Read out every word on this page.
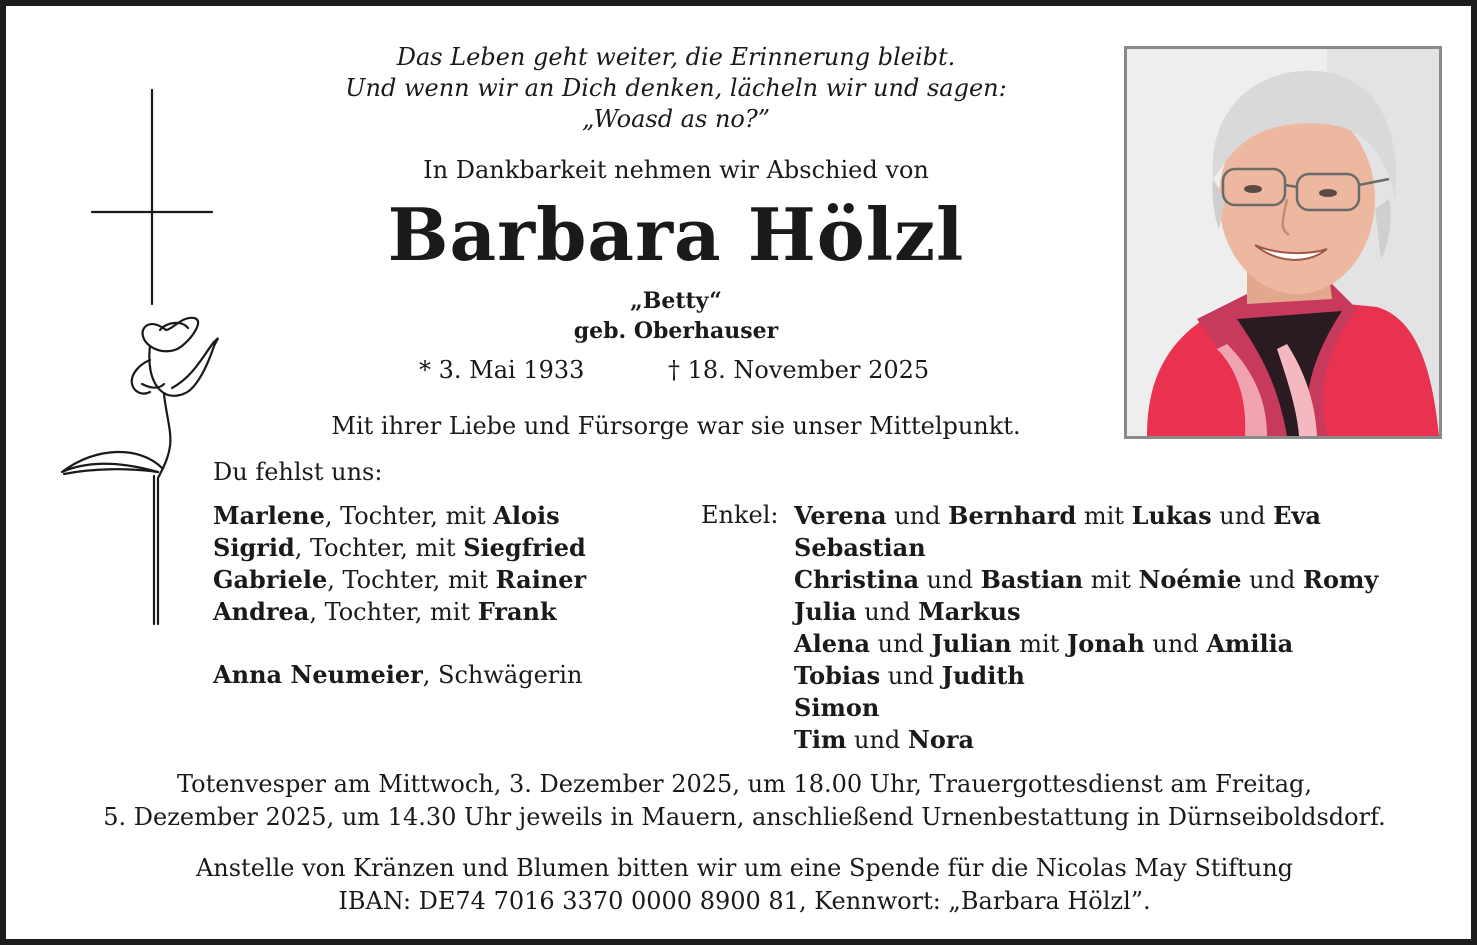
Das Leben geht weiter, die Erinnerung bleibt.
Und wenn wir an Dich denken, lächeln wir und sagen:
„Woasd as no?”
In Dankbarkeit nehmen wir Abschied von
Barbara Hölzl
„Betty“
geb. Oberhauser
* 3. Mai 1933	† 18. November 2025
Mit ihrer Liebe und Fürsorge war sie unser Mittelpunkt.
Du fehlst uns:
Marlene, Tochter, mit Alois
Sigrid, Tochter, mit Siegfried
Gabriele, Tochter, mit Rainer
Andrea, Tochter, mit Frank
Anna Neumeier, Schwägerin
Enkel: Verena und Bernhard mit Lukas und Eva
Sebastian
Christina und Bastian mit Noémie und Romy
Julia und Markus
Alena und Julian mit Jonah und Amilia
Tobias und Judith
Simon
Tim und Nora
Totenvesper am Mittwoch, 3. Dezember 2025, um 18.00 Uhr, Trauergottesdienst am Freitag,
5. Dezember 2025, um 14.30 Uhr jeweils in Mauern, anschließend Urnenbestattung in Dürnseiboldsdorf.
Anstelle von Kränzen und Blumen bitten wir um eine Spende für die Nicolas May Stiftung
IBAN: DE74 7016 3370 0000 8900 81, Kennwort: „Barbara Hölzl”.
